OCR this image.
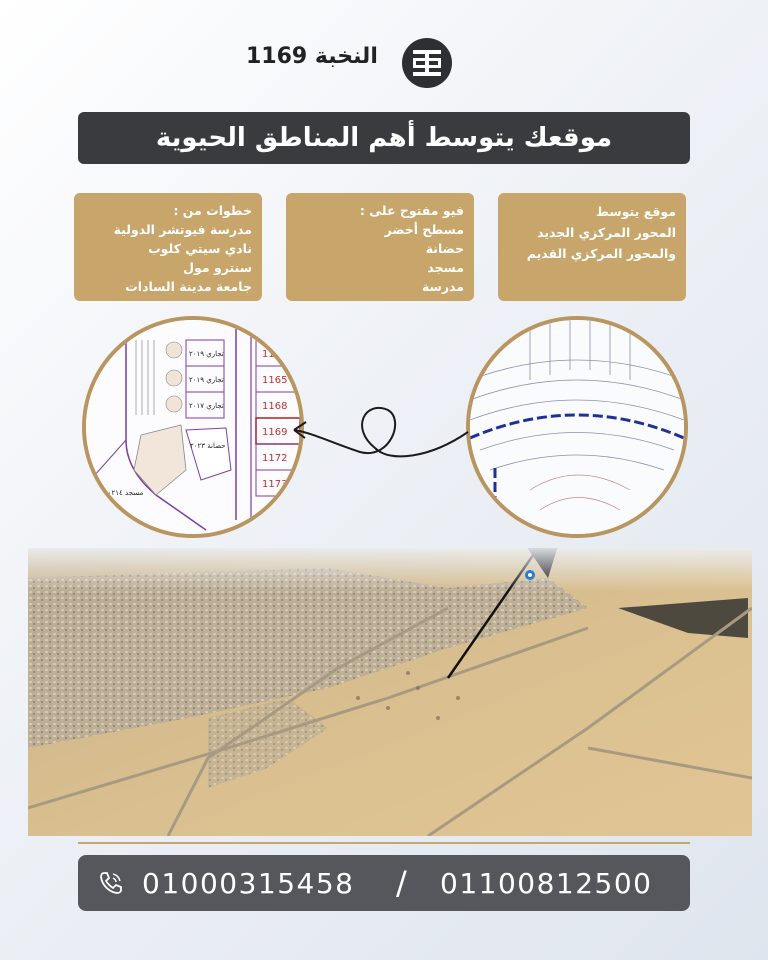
النخبة 1169
موقعك يتوسط أهم المناطق الحيوية
موقع يتوسط
المحور المركزي الجديد
والمحور المركزي القديم
فيو مفتوح على :
مسطح أخضر
حضانة
مسجد
مدرسة
خطوات من :
مدرسة فيوتشر الدولية
نادي سيتي كلوب
سنترو مول
جامعة مدينة السادات
1164
1165
1168
1169
1172
1173
تجاري ٢٠١٩
تجاري ٢٠١٩
تجاري ٢٠١٧
حضانة ٢٠٢٣
مسجد ١٠٢١٤
01000315458 / 01100812500
